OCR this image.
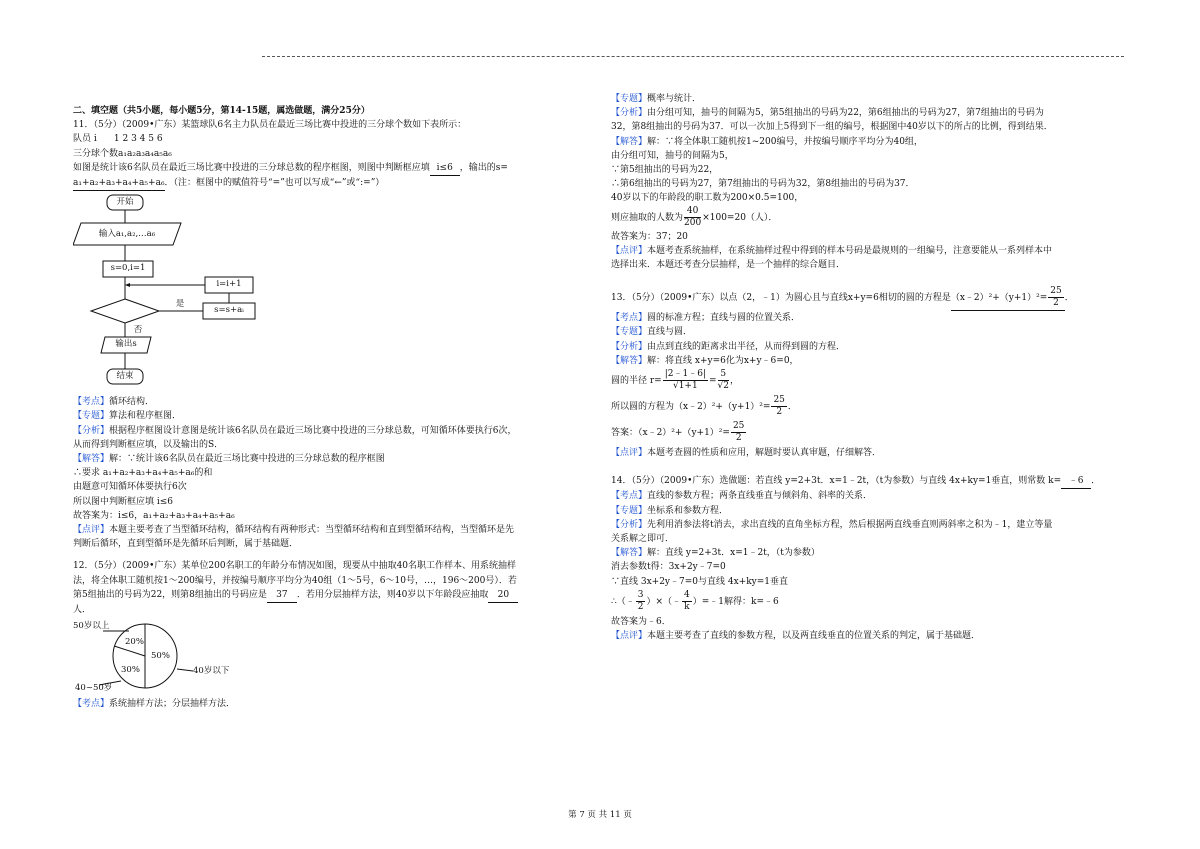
二、填空题（共5小题，每小题5分，第14-15题，属选做题，满分25分）

11．（5分）（2009•广东）某篮球队6名主力队员在最近三场比赛中投进的三分球个数如下表所示：

队员 i 1 2 3 4 5 6

三分球个数a₁a₂a₃a₄a₅a₆

如图是统计该6名队员在最近三场比赛中投进的三分球总数的程序框图，则图中判断框应填 i≤6 ，输出的s=

a₁+a₂+a₃+a₄+a₅+a₆．（注：框图中的赋值符号“=”也可以写成“←”或“:=”）

开始
输入a₁,a₂,…a₆
s=0,i=1
i=i+1
s=s+aᵢ
是
否
输出s
结束

【考点】循环结构．

【专题】算法和程序框图．

【分析】根据程序框图设计意图是统计该6名队员在最近三场比赛中投进的三分球总数，可知循环体要执行6次，

从而得到判断框应填，以及输出的S．

【解答】解：∵统计该6名队员在最近三场比赛中投进的三分球总数的程序框图

∴要求 a₁+a₂+a₃+a₄+a₅+a₆的和

由题意可知循环体要执行6次

所以图中判断框应填 i≤6

故答案为：i≤6，a₁+a₂+a₃+a₄+a₅+a₆

【点评】本题主要考查了当型循环结构，循环结构有两种形式：当型循环结构和直到型循环结构，当型循环是先

判断后循环，直到型循环是先循环后判断，属于基础题．

12．（5分）（2009•广东）某单位200名职工的年龄分布情况如图，现要从中抽取40名职工作样本、用系统抽样

法，将全体职工随机按1～200编号，并按编号顺序平均分为40组（1～5号，6～10号，…，196～200号）．若

第5组抽出的号码为22，则第8组抽出的号码应是 37 ．若用分层抽样方法，则40岁以下年龄段应抽取 20

人．

50岁以上
20%
50%
30%	40岁以下
40~50岁

【考点】系统抽样方法；分层抽样方法．

【专题】概率与统计．

【分析】由分组可知，抽号的间隔为5，第5组抽出的号码为22，第6组抽出的号码为27，第7组抽出的号码为

32，第8组抽出的号码为37．可以一次加上5得到下一组的编号，根据图中40岁以下的所占的比例，得到结果．

【解答】解：∵将全体职工随机按1~200编号，并按编号顺序平均分为40组，

由分组可知，抽号的间隔为5，

∵第5组抽出的号码为22，

∴第6组抽出的号码为27，第7组抽出的号码为32，第8组抽出的号码为37．

40岁以下的年龄段的职工数为200×0.5=100，

则应抽取的人数为 $\frac{40}{200} \times 100=20$（人）．

故答案为：37；20

【点评】本题考查系统抽样，在系统抽样过程中得到的样本号码是最规则的一组编号，注意要能从一系列样本中

选择出来．本题还考查分层抽样，是一个抽样的综合题目．

13．（5分）（2009•广东）以点（2，﹣1）为圆心且与直线x+y=6相切的圆的方程是（x﹣2）²+（y+1）²= $\frac{25}{2}$ ．

【考点】圆的标准方程；直线与圆的位置关系．

【专题】直线与圆．

【分析】由点到直线的距离求出半径，从而得到圆的方程．

【解答】解：将直线 x+y=6化为x+y﹣6=0，

圆的半径 $r= \frac{|2﹣1﹣6|}{√1+1} = \frac{5}{√2}$ ，

所以圆的方程为（x﹣2）²+（y+1）²= $\frac{25}{2}$ ．

答案：（x﹣2）²+（y+1）²= $\frac{25}{2}$

【点评】本题考查圆的性质和应用，解题时要认真审题，仔细解答．

14．（5分）（2009•广东）选做题：若直线 y=2+3t．x=1﹣2t，（t为参数）与直线 4x+ky=1垂直，则常数 k= ﹣6 ．

【考点】直线的参数方程；两条直线垂直与倾斜角、斜率的关系．

【专题】坐标系和参数方程．

【分析】先利用消参法将t消去，求出直线的直角坐标方程，然后根据两直线垂直则两斜率之积为﹣1，建立等量

关系解之即可．

【解答】解：直线 y=2+3t．x=1﹣2t，（t为参数）

消去参数t得：3x+2y﹣7=0

∵直线 3x+2y﹣7=0与直线 4x+ky=1垂直

∴（﹣ $\frac{3}{2}$ ）×（﹣ $\frac{4}{k}$ ）=﹣1解得：k=﹣6

故答案为﹣6．

【点评】本题主要考查了直线的参数方程，以及两直线垂直的位置关系的判定，属于基础题．

第 7 页 共 11 页
